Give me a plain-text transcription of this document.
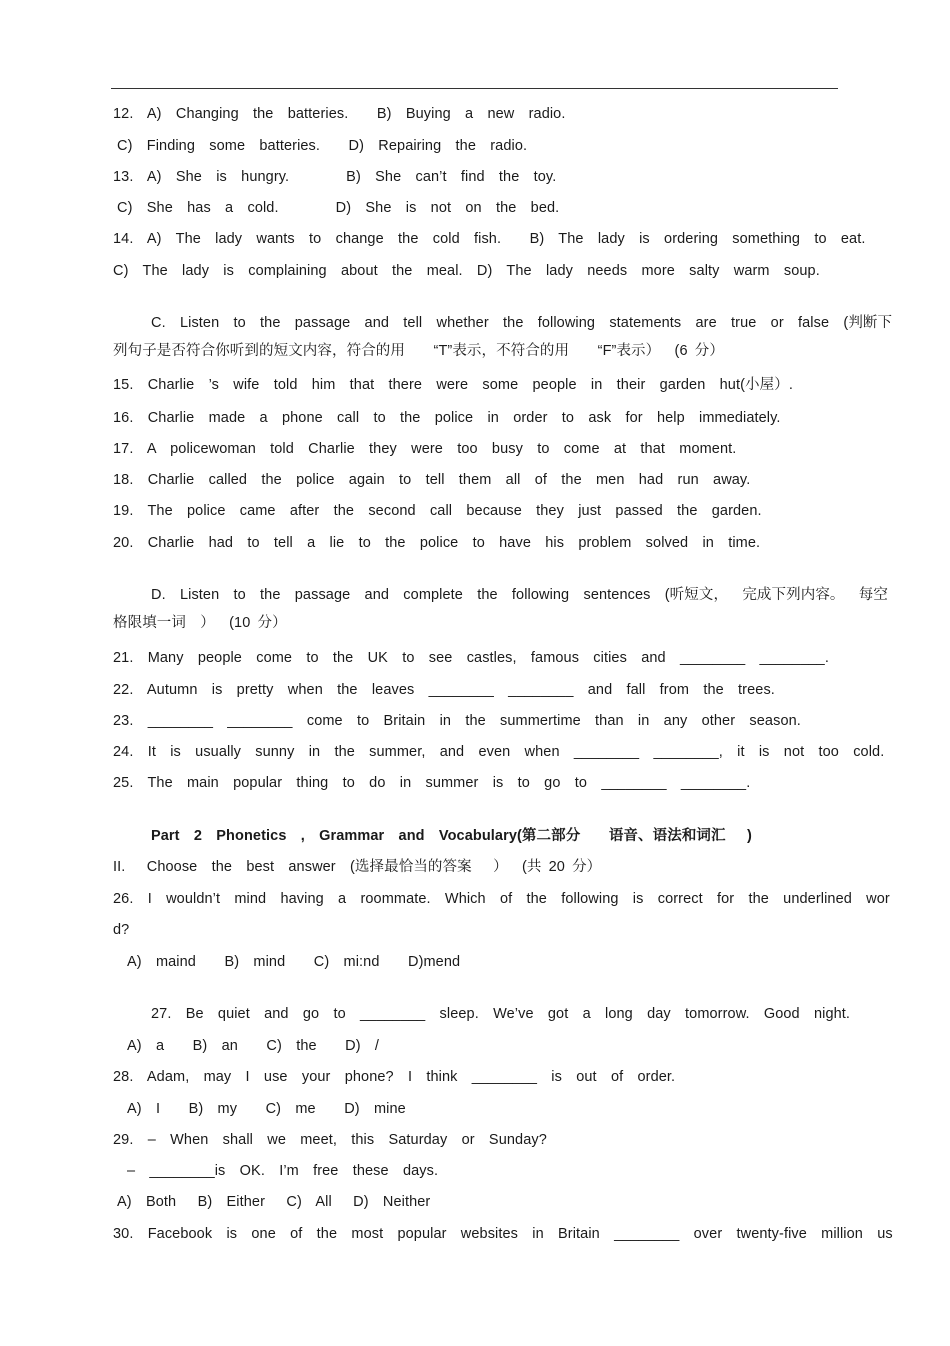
12.  A)  Changing  the  batteries.    B)  Buying  a  new  radio.
C)  Finding  some  batteries.    D)  Repairing  the  radio.
13.  A)  She  is  hungry.        B)  She  can’t  find  the  toy.
C)  She  has  a  cold.        D)  She  is  not  on  the  bed.
14.  A)  The  lady  wants  to  change  the  cold  fish.    B)  The  lady  is  ordering  something  to  eat.
C)  The  lady  is  complaining  about  the  meal.  D)  The  lady  needs  more  salty  warm  soup.
C.  Listen  to  the  passage  and  tell  whether  the  following  statements  are  true  or  false  (判断下
列句子是否符合你听到的短文内容，符合的用    “T”表示，不符合的用    “F”表示）  (6 分）
15.  Charlie  ’s  wife  told  him  that  there  were  some  people  in  their  garden  hut(小屋）.
16.  Charlie  made  a  phone  call  to  the  police  in  order  to  ask  for  help  immediately.
17.  A  policewoman  told  Charlie  they  were  too  busy  to  come  at  that  moment.
18.  Charlie  called  the  police  again  to  tell  them  all  of  the  men  had  run  away.
19.  The  police  came  after  the  second  call  because  they  just  passed  the  garden.
20.  Charlie  had  to  tell  a  lie  to  the  police  to  have  his  problem  solved  in  time.
D.  Listen  to  the  passage  and  complete  the  following  sentences  (听短文，  完成下列内容。  每空
格限填一词  ）  (10 分）
21.  Many  people  come  to  the  UK  to  see  castles,  famous  cities  and  ________  ________.
22.  Autumn  is  pretty  when  the  leaves  ________  ________  and  fall  from  the  trees.
23.  ________  ________  come  to  Britain  in  the  summertime  than  in  any  other  season.
24.  It  is  usually  sunny  in  the  summer,  and  even  when  ________  ________,  it  is  not  too  cold.
25.  The  main  popular  thing  to  do  in  summer  is  to  go  to  ________  ________.
Part  2  Phonetics  ,  Grammar  and  Vocabulary(第二部分    语音、语法和词汇   )
II.   Choose  the  best  answer  (选择最恰当的答案   ）  (共 20 分）
26.  I  wouldn’t  mind  having  a  roommate.  Which  of  the  following  is  correct  for  the  underlined  wor
d?
A)  maind    B)  mind    C)  mi:nd    D)mend
27.  Be  quiet  and  go  to  ________  sleep.  We’ve  got  a  long  day  tomorrow.  Good  night.
A)  a    B)  an    C)  the    D)  /
28.  Adam,  may  I  use  your  phone?  I  think  ________  is  out  of  order.
A)  I    B)  my    C)  me    D)  mine
29.  –  When  shall  we  meet,  this  Saturday  or  Sunday?
–  ________is  OK.  I’m  free  these  days.
A)  Both   B)  Either   C)  All   D)  Neither
30.  Facebook  is  one  of  the  most  popular  websites  in  Britain  ________  over  twenty-five  million  us
